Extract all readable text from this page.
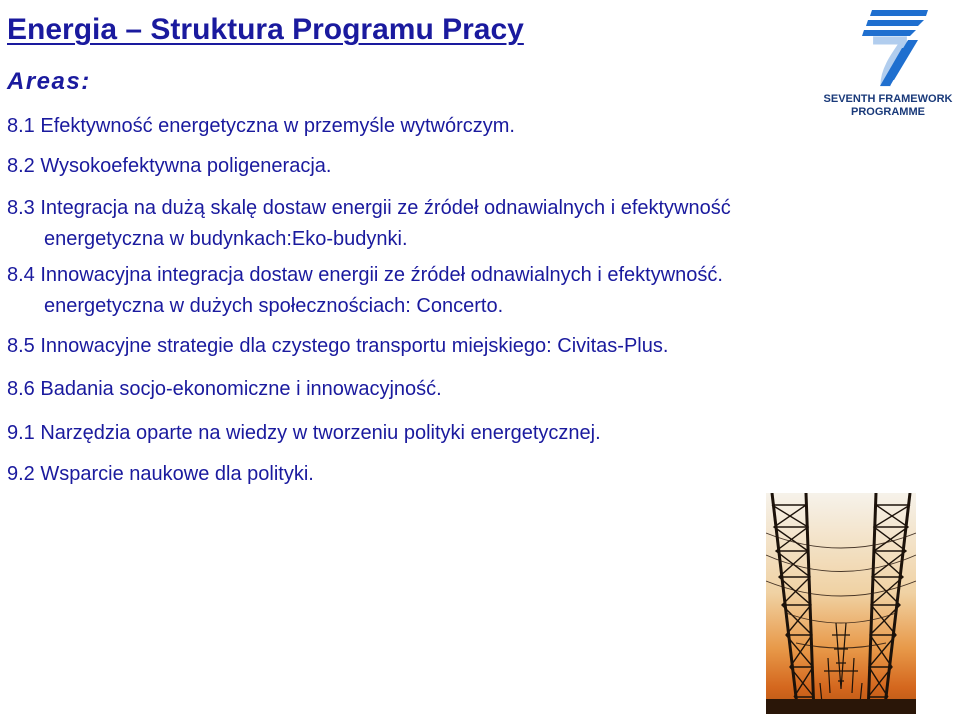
Energia – Struktura Programu Pracy
Areas:
8.1 Efektywność energetyczna w przemyśle wytwórczym.
8.2 Wysokoefektywna poligeneracja.
8.3 Integracja na dużą skalę dostaw energii ze źródeł odnawialnych i efektywność
energetyczna w budynkach:Eko-budynki.
8.4 Innowacyjna integracja dostaw energii ze źródeł odnawialnych i efektywność.
energetyczna w dużych społecznościach: Concerto.
8.5 Innowacyjne strategie dla czystego transportu miejskiego: Civitas-Plus.
8.6 Badania socjo-ekonomiczne i innowacyjność.
9.1 Narzędzia oparte na wiedzy w tworzeniu polityki energetycznej.
9.2 Wsparcie naukowe dla polityki.
7
SEVENTH FRAMEWORK
PROGRAMME
